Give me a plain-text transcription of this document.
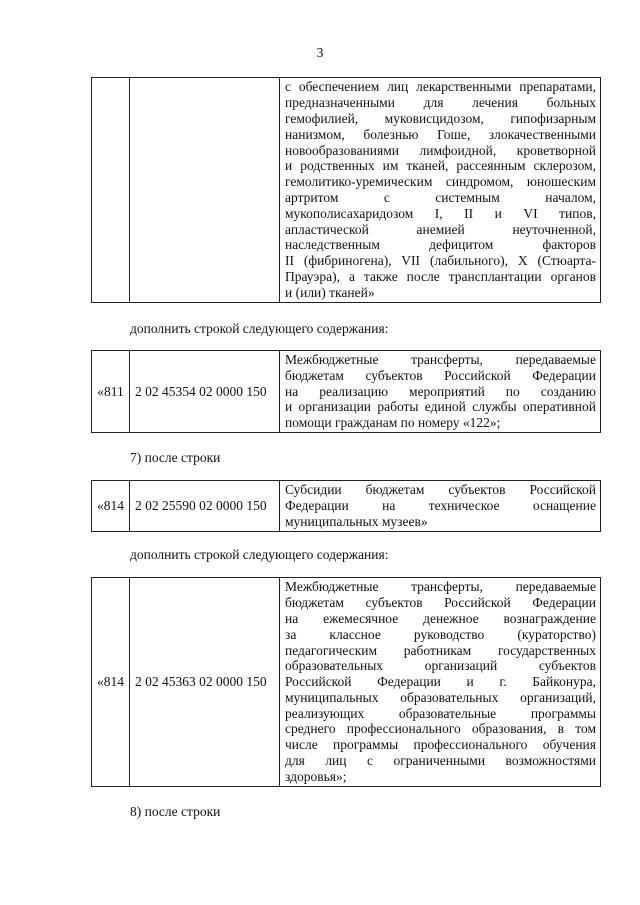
3

с обеспечением лиц лекарственными препаратами,
предназначенными для лечения больных
гемофилией, муковисцидозом, гипофизарным
нанизмом, болезнью Гоше, злокачественными
новообразованиями лимфоидной, кроветворной
и родственных им тканей, рассеянным склерозом,
гемолитико-уремическим синдромом, юношеским
артритом с системным началом,
мукополисахаридозом I, II и VI типов,
апластической анемией неуточненной,
наследственным дефицитом факторов
II (фибриногена), VII (лабильного), X (Стюарта-
Прауэра), а также после трансплантации органов
и (или) тканей»
дополнить строкой следующего содержания:
«811	2 02 45354 02 0000 150	
Межбюджетные трансферты, передаваемые
бюджетам субъектов Российской Федерации
на реализацию мероприятий по созданию
и организации работы единой службы оперативной
помощи гражданам по номеру «122»;
7) после строки
«814	2 02 25590 02 0000 150	
Субсидии бюджетам субъектов Российской
Федерации на техническое оснащение
муниципальных музеев»
дополнить строкой следующего содержания:
«814	2 02 45363 02 0000 150	
Межбюджетные трансферты, передаваемые
бюджетам субъектов Российской Федерации
на ежемесячное денежное вознаграждение
за классное руководство (кураторство)
педагогическим работникам государственных
образовательных организаций субъектов
Российской Федерации и г. Байконура,
муниципальных образовательных организаций,
реализующих образовательные программы
среднего профессионального образования, в том
числе программы профессионального обучения
для лиц с ограниченными возможностями
здоровья»;
8) после строки
